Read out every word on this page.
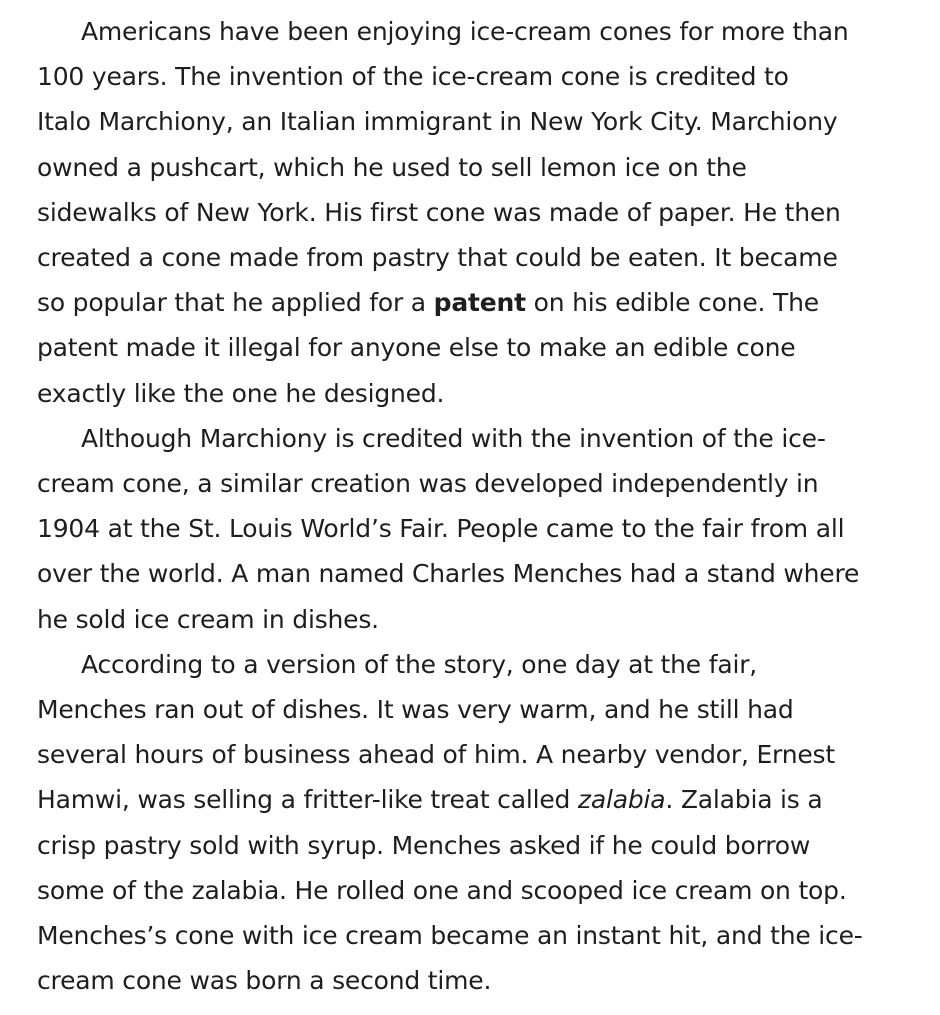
Americans have been enjoying ice-cream cones for more than
100 years. The invention of the ice-cream cone is credited to
Italo Marchiony, an Italian immigrant in New York City. Marchiony
owned a pushcart, which he used to sell lemon ice on the
sidewalks of New York. His first cone was made of paper. He then
created a cone made from pastry that could be eaten. It became
so popular that he applied for a patent on his edible cone. The
patent made it illegal for anyone else to make an edible cone
exactly like the one he designed.

Although Marchiony is credited with the invention of the ice-
cream cone, a similar creation was developed independently in
1904 at the St. Louis World’s Fair. People came to the fair from all
over the world. A man named Charles Menches had a stand where
he sold ice cream in dishes.

According to a version of the story, one day at the fair,
Menches ran out of dishes. It was very warm, and he still had
several hours of business ahead of him. A nearby vendor, Ernest
Hamwi, was selling a fritter-like treat called zalabia. Zalabia is a
crisp pastry sold with syrup. Menches asked if he could borrow
some of the zalabia. He rolled one and scooped ice cream on top.
Menches’s cone with ice cream became an instant hit, and the ice-
cream cone was born a second time.
